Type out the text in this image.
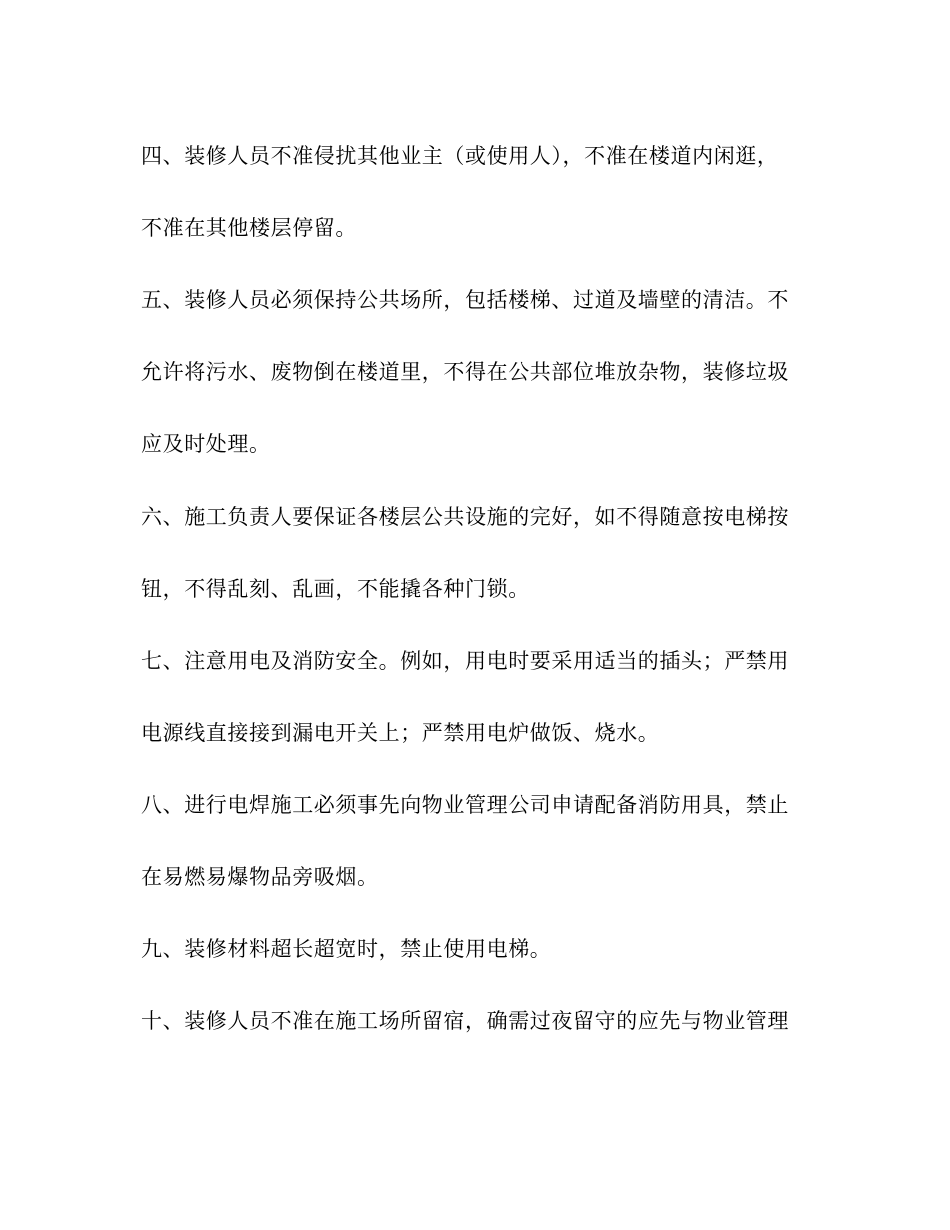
四、装修人员不准侵扰其他业主（或使用人），不准在楼道内闲逛，
不准在其他楼层停留。
五、装修人员必须保持公共场所，包括楼梯、过道及墙壁的清洁。不
允许将污水、废物倒在楼道里，不得在公共部位堆放杂物，装修垃圾
应及时处理。
六、施工负责人要保证各楼层公共设施的完好，如不得随意按电梯按
钮，不得乱刻、乱画，不能撬各种门锁。
七、注意用电及消防安全。例如，用电时要采用适当的插头；严禁用
电源线直接接到漏电开关上；严禁用电炉做饭、烧水。
八、进行电焊施工必须事先向物业管理公司申请配备消防用具，禁止
在易燃易爆物品旁吸烟。
九、装修材料超长超宽时，禁止使用电梯。
十、装修人员不准在施工场所留宿，确需过夜留守的应先与物业管理
